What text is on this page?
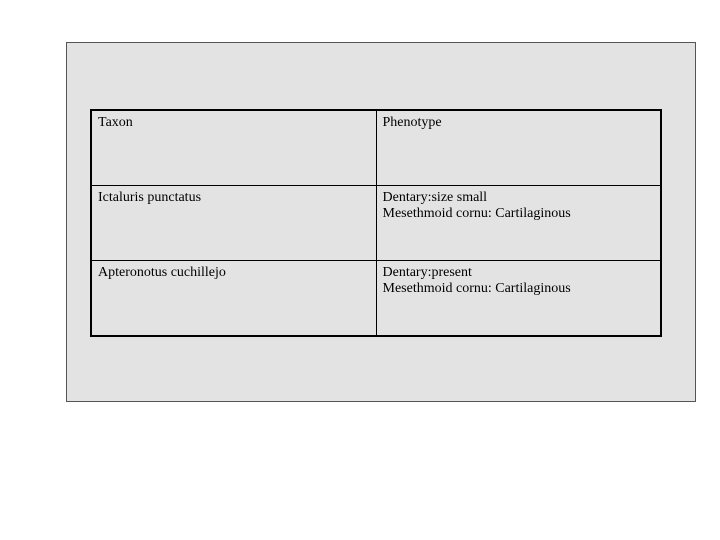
Taxon	Phenotype
Ictaluris punctatus	Dentary:size small
Mesethmoid cornu: Cartilaginous

Apteronotus cuchillejo	Dentary:present
Mesethmoid cornu: Cartilaginous
